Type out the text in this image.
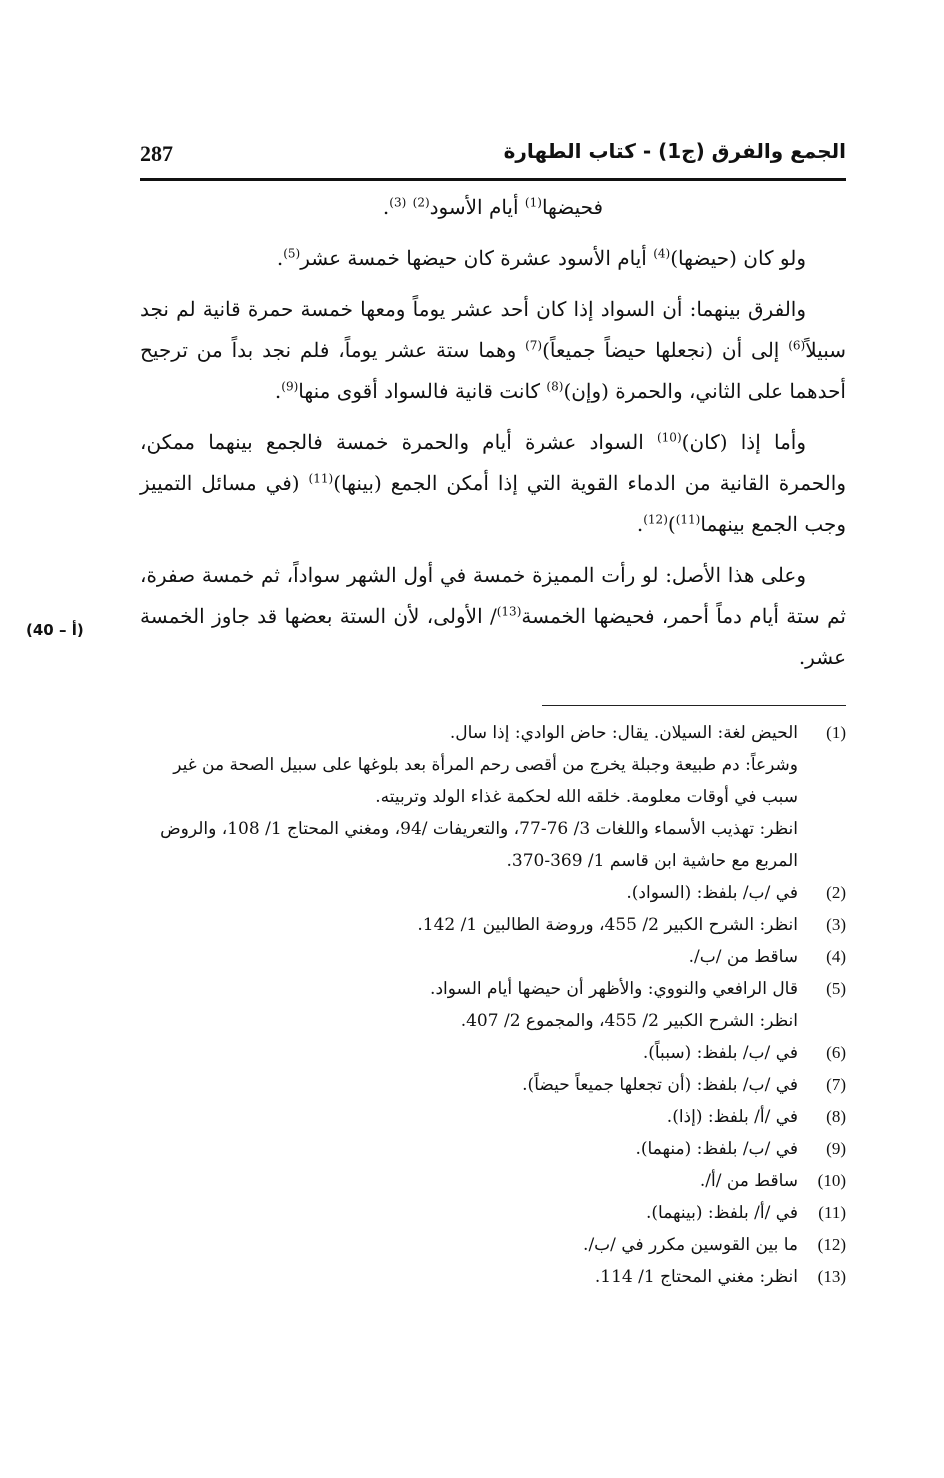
الجمع والفرق (ج1) - كتاب الطهارة
287
(40 – أ)

فحيضها$^{(1)}$ أيام الأسود$^{(2)}$ $^{(3)}$.

ولو كان (حيضها)$^{(4)}$ أيام الأسود عشرة كان حيضها خمسة عشر$^{(5)}$.

والفرق بينهما: أن السواد إذا كان أحد عشر يوماً ومعها خمسة حمرة قانية لم نجد سبيلاً$^{(6)}$ إلى أن (نجعلها حيضاً جميعاً)$^{(7)}$ وهما ستة عشر يوماً، فلم نجد بداً من ترجيح أحدهما على الثاني، والحمرة (وإن)$^{(8)}$ كانت قانية فالسواد أقوى منها$^{(9)}$.

وأما إذا (كان)$^{(10)}$ السواد عشرة أيام والحمرة خمسة فالجمع بينهما ممكن، والحمرة القانية من الدماء القوية التي إذا أمكن الجمع (بينها)$^{(11)}$ (في مسائل التمييز وجب الجمع بينهما$^{(11)}$)$^{(12)}$.

وعلى هذا الأصل: لو رأت المميزة خمسة في أول الشهر سواداً، ثم خمسة صفرة، ثم ستة أيام دماً أحمر، فحيضها الخمسة$^{(13)}$/ الأولى، لأن الستة بعضها قد جاوز الخمسة عشر.

(1)
الحيض لغة: السيلان. يقال: حاض الوادي: إذا سال.
وشرعاً: دم طبيعة وجبلة يخرج من أقصى رحم المرأة بعد بلوغها على سبيل الصحة من غير سبب في أوقات معلومة. خلقه الله لحكمة غذاء الولد وتربيته.
انظر: تهذيب الأسماء واللغات 3/ 76-77، والتعريفات /94، ومغني المحتاج 1/ 108، والروض المربع مع حاشية ابن قاسم 1/ 369-370.
(2)
في /ب/ بلفظ: (السواد).
(3)
انظر: الشرح الكبير 2/ 455، وروضة الطالبين 1/ 142.
(4)
ساقط من /ب/.
(5)
قال الرافعي والنووي: والأظهر أن حيضها أيام السواد.
انظر: الشرح الكبير 2/ 455، والمجموع 2/ 407.
(6)
في /ب/ بلفظ: (سبباً).
(7)
في /ب/ بلفظ: (أن تجعلها جميعاً حيضاً).
(8)
في /أ/ بلفظ: (إذا).
(9)
في /ب/ بلفظ: (منهما).
(10)
ساقط من /أ/.
(11)
في /أ/ بلفظ: (بينهما).
(12)
ما بين القوسين مكرر في /ب/.
(13)
انظر: مغني المحتاج 1/ 114.
